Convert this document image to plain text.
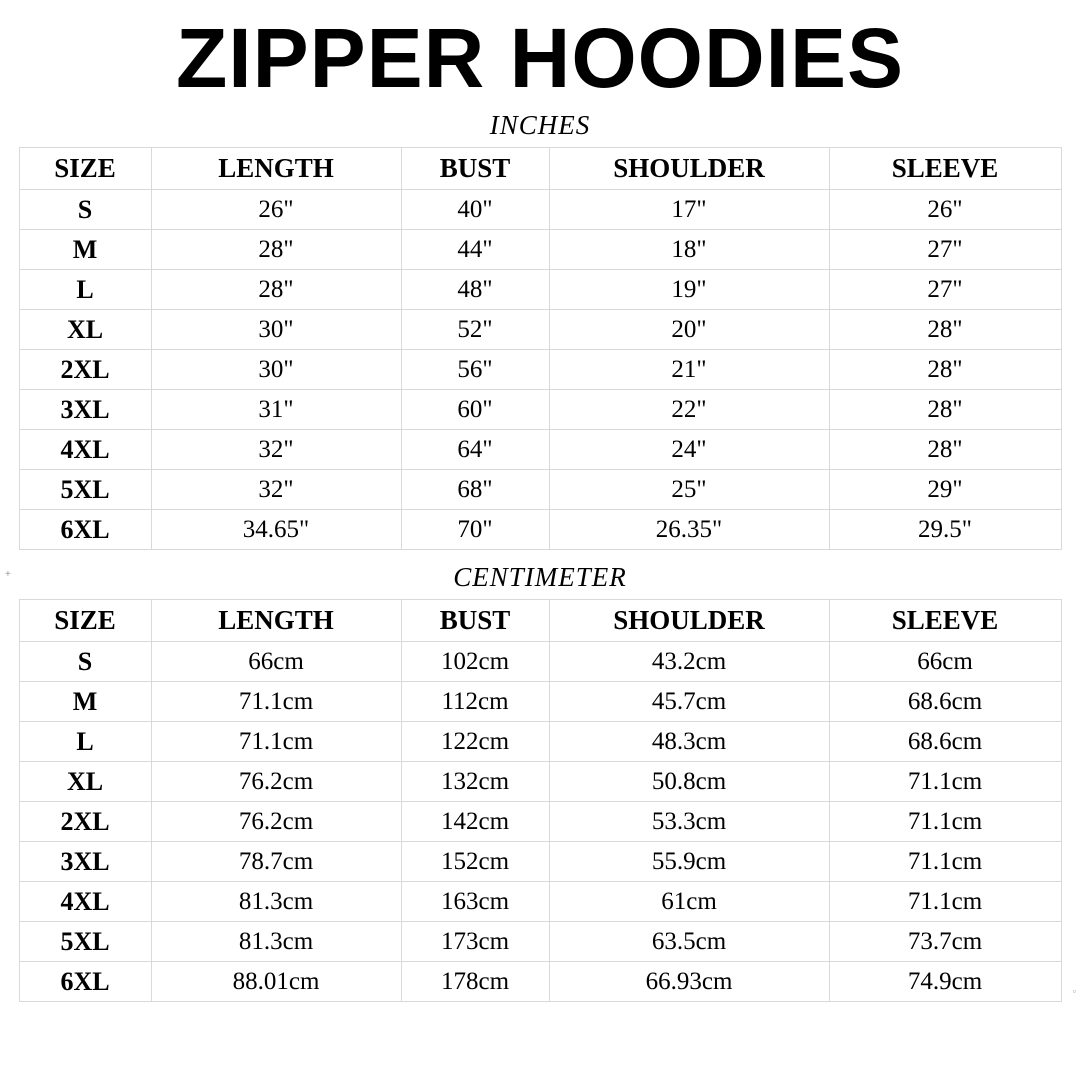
ZIPPER HOODIES
INCHES
SIZE	LENGTH	BUST	SHOULDER	SLEEVE
S	26"	40"	17"	26"
M	28"	44"	18"	27"
L	28"	48"	19"	27"
XL	30"	52"	20"	28"
2XL	30"	56"	21"	28"
3XL	31"	60"	22"	28"
4XL	32"	64"	24"	28"
5XL	32"	68"	25"	29"
6XL	34.65"	70"	26.35"	29.5"
CENTIMETER
SIZE	LENGTH	BUST	SHOULDER	SLEEVE
S	66cm	102cm	43.2cm	66cm
M	71.1cm	112cm	45.7cm	68.6cm
L	71.1cm	122cm	48.3cm	68.6cm
XL	76.2cm	132cm	50.8cm	71.1cm
2XL	76.2cm	142cm	53.3cm	71.1cm
3XL	78.7cm	152cm	55.9cm	71.1cm
4XL	81.3cm	163cm	61cm	71.1cm
5XL	81.3cm	173cm	63.5cm	73.7cm
6XL	88.01cm	178cm	66.93cm	74.9cm
+
▫
